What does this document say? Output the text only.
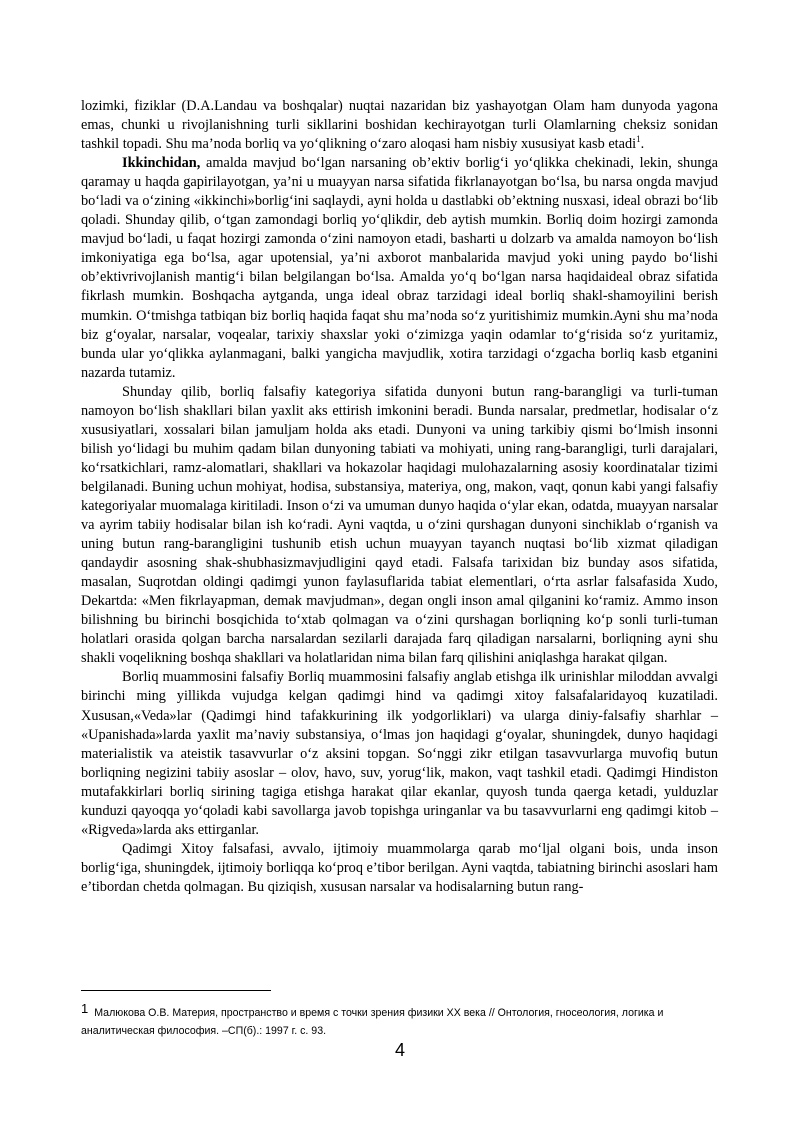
lozimki, fiziklar (D.A.Landau va boshqalar) nuqtai nazaridan biz yashayotgan Olam ham dunyoda yagona emas, chunki u rivojlanishning turli sikllarini boshidan kechirayotgan turli Olamlarning cheksiz sonidan tashkil topadi. Shu ma’noda borliq va yo‘qlikning o‘zaro aloqasi ham nisbiy xususiyat kasb etadi$^1$.

Ikkinchidan, amalda mavjud bo‘lgan narsaning ob’ektiv borlig‘i yo‘qlikka chekinadi, lekin, shunga qaramay u haqda gapirilayotgan, ya’ni u muayyan narsa sifatida fikrlanayotgan bo‘lsa, bu narsa ongda mavjud bo‘ladi va o‘zining «ikkinchi»borlig‘ini saqlaydi, ayni holda u dastlabki ob’ektning nusxasi, ideal obrazi bo‘lib qoladi. Shunday qilib, o‘tgan zamondagi borliq yo‘qlikdir, deb aytish mumkin. Borliq doim hozirgi zamonda mavjud bo‘ladi, u faqat hozirgi zamonda o‘zini namoyon etadi, basharti u dolzarb va amalda namoyon bo‘lish imkoniyatiga ega bo‘lsa, agar upotensial, ya’ni axborot manbalarida mavjud yoki uning paydo bo‘lishi ob’ektivrivojlanish mantig‘i bilan belgilangan bo‘lsa. Amalda yo‘q bo‘lgan narsa haqidaideal obraz sifatida fikrlash mumkin. Boshqacha aytganda, unga ideal obraz tarzidagi ideal borliq shakl-shamoyilini berish mumkin. O‘tmishga tatbiqan biz borliq haqida faqat shu ma’noda so‘z yuritishimiz mumkin.Ayni shu ma’noda biz g‘oyalar, narsalar, voqealar, tarixiy shaxslar yoki o‘zimizga yaqin odamlar to‘g‘risida so‘z yuritamiz, bunda ular yo‘qlikka aylanmagani, balki yangicha mavjudlik, xotira tarzidagi o‘zgacha borliq kasb etganini nazarda tutamiz.

Shunday qilib, borliq falsafiy kategoriya sifatida dunyoni butun rang-barangligi va turli-tuman namoyon bo‘lish shakllari bilan yaxlit aks ettirish imkonini beradi. Bunda narsalar, predmetlar, hodisalar o‘z xususiyatlari, xossalari bilan jamuljam holda aks etadi. Dunyoni va uning tarkibiy qismi bo‘lmish insonni bilish yo‘lidagi bu muhim qadam bilan dunyoning tabiati va mohiyati, uning rang-barangligi, turli darajalari, ko‘rsatkichlari, ramz-alomatlari, shakllari va hokazolar haqidagi mulohazalarning asosiy koordinatalar tizimi belgilanadi. Buning uchun mohiyat, hodisa, substansiya, materiya, ong, makon, vaqt, qonun kabi yangi falsafiy kategoriyalar muomalaga kiritiladi. Inson o‘zi va umuman dunyo haqida o‘ylar ekan, odatda, muayyan narsalar va ayrim tabiiy hodisalar bilan ish ko‘radi. Ayni vaqtda, u o‘zini qurshagan dunyoni sinchiklab o‘rganish va uning butun rang-barangligini tushunib etish uchun muayyan tayanch nuqtasi bo‘lib xizmat qiladigan qandaydir asosning shak-shubhasizmavjudligini qayd etadi. Falsafa tarixidan biz bunday asos sifatida, masalan, Suqrotdan oldingi qadimgi yunon faylasuflarida tabiat elementlari, o‘rta asrlar falsafasida Xudo, Dekartda: «Men fikrlayapman, demak mavjudman», degan ongli inson amal qilganini ko‘ramiz. Ammo inson bilishning bu birinchi bosqichida to‘xtab qolmagan va o‘zini qurshagan borliqning ko‘p sonli turli-tuman holatlari orasida qolgan barcha narsalardan sezilarli darajada farq qiladigan narsalarni, borliqning ayni shu shakli voqelikning boshqa shakllari va holatlaridan nima bilan farq qilishini aniqlashga harakat qilgan.

Borliq muammosini falsafiy Borliq muammosini falsafiy anglab etishga ilk urinishlar miloddan avvalgi birinchi ming yillikda vujudga kelgan qadimgi hind va qadimgi xitoy falsafalaridayoq kuzatiladi. Xususan,«Veda»lar (Qadimgi hind tafakkurining ilk yodgorliklari) va ularga diniy-falsafiy sharhlar – «Upanishada»larda yaxlit ma’naviy substansiya, o‘lmas jon haqidagi g‘oyalar, shuningdek, dunyo haqidagi materialistik va ateistik tasavvurlar o‘z aksini topgan. So‘nggi zikr etilgan tasavvurlarga muvofiq butun borliqning negizini tabiiy asoslar – olov, havo, suv, yorug‘lik, makon, vaqt tashkil etadi. Qadimgi Hindiston mutafakkirlari borliq sirining tagiga etishga harakat qilar ekanlar, quyosh tunda qaerga ketadi, yulduzlar kunduzi qayoqqa yo‘qoladi kabi savollarga javob topishga uringanlar va bu tasavvurlarni eng qadimgi kitob – «Rigveda»larda aks ettirganlar.

Qadimgi Xitoy falsafasi, avvalo, ijtimoiy muammolarga qarab mo‘ljal olgani bois, unda inson borlig‘iga, shuningdek, ijtimoiy borliqqa ko‘proq e’tibor berilgan. Ayni vaqtda, tabiatning birinchi asoslari ham e’tibordan chetda qolmagan. Bu qiziqish, xususan narsalar va hodisalarning butun rang-

1 Малюкова О.В. Материя, пространство и время с точки зрения физики XX века // Онтология, гносеология, логика и аналитическая философия. –СП(б).: 1997 г. с. 93.
4
